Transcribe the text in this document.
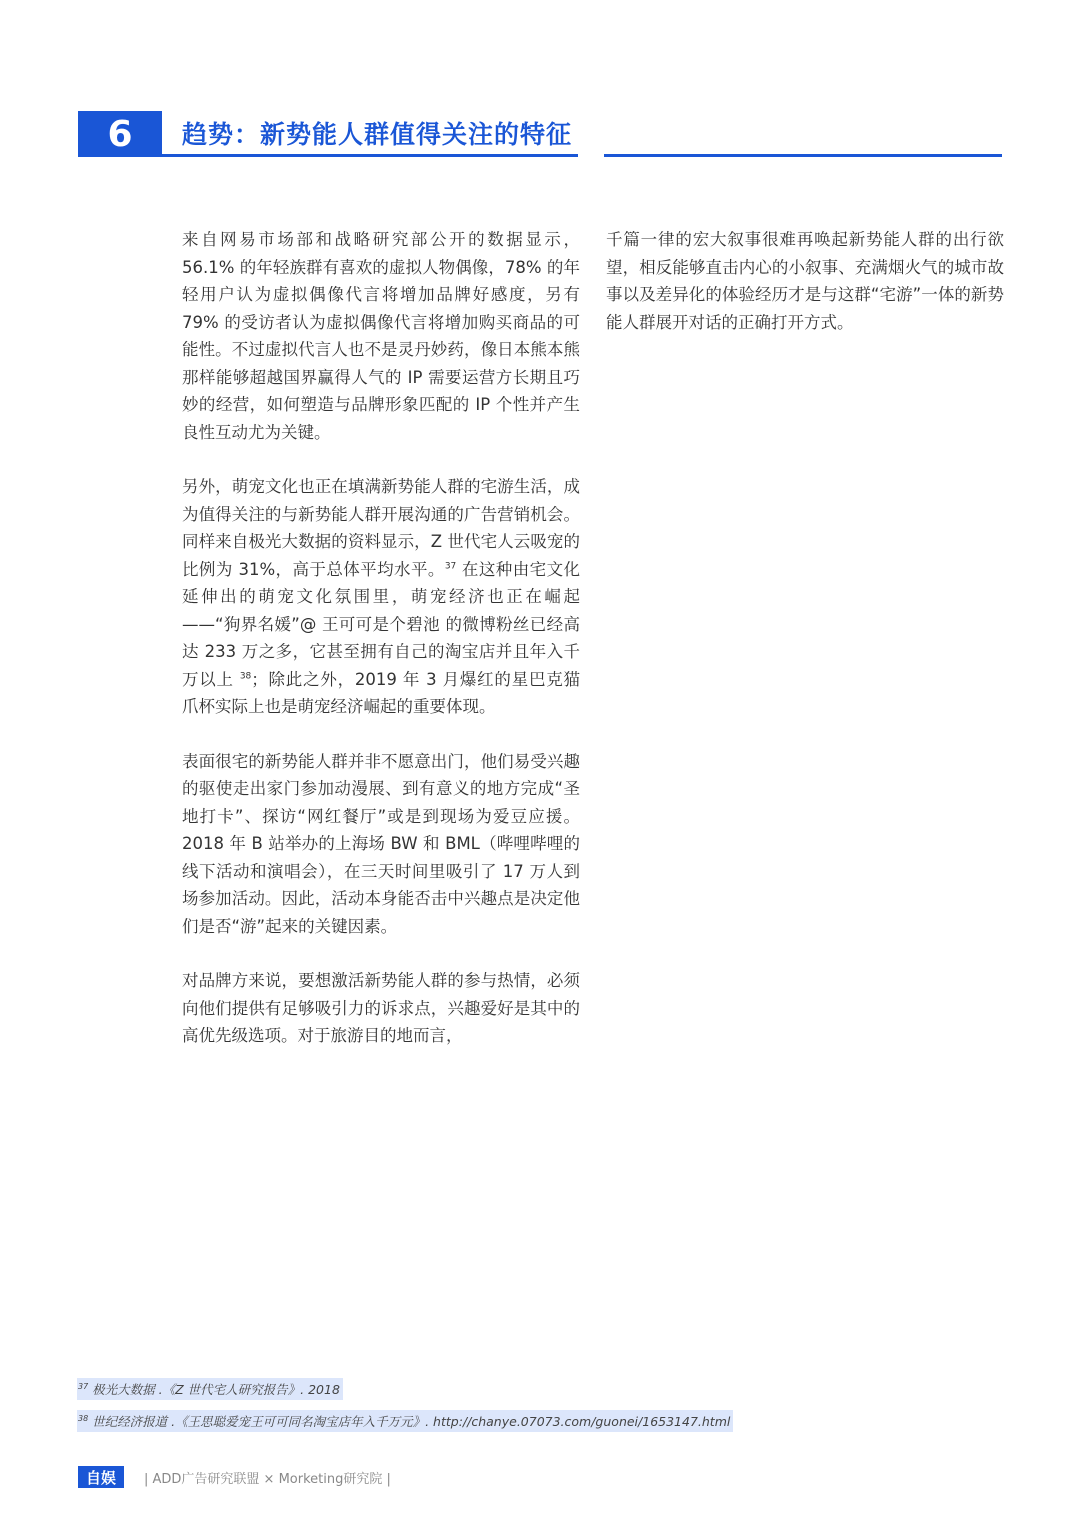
6	趋势：新势能人群值得关注的特征

来自网易市场部和战略研究部公开的数据显示，56.1% 的年轻族群有喜欢的虚拟人物偶像，78% 的年轻用户认为虚拟偶像代言将增加品牌好感度，另有 79% 的受访者认为虚拟偶像代言将增加购买商品的可能性。不过虚拟代言人也不是灵丹妙药，像日本熊本熊那样能够超越国界赢得人气的 IP 需要运营方长期且巧妙的经营，如何塑造与品牌形象匹配的 IP 个性并产生良性互动尤为关键。

另外，萌宠文化也正在填满新势能人群的宅游生活，成为值得关注的与新势能人群开展沟通的广告营销机会。同样来自极光大数据的资料显示，Z 世代宅人云吸宠的比例为 31%，高于总体平均水平。$^{37}$ 在这种由宅文化延伸出的萌宠文化氛围里，萌宠经济也正在崛起——“狗界名媛”@ 王可可是个碧池 的微博粉丝已经高达 233 万之多，它甚至拥有自己的淘宝店并且年入千万以上 $^{38}$；除此之外，2019 年 3 月爆红的星巴克猫爪杯实际上也是萌宠经济崛起的重要体现。

表面很宅的新势能人群并非不愿意出门，他们易受兴趣的驱使走出家门参加动漫展、到有意义的地方完成“圣地打卡”、探访“网红餐厅”或是到现场为爱豆应援。2018 年 B 站举办的上海场 BW 和 BML（哔哩哔哩的线下活动和演唱会），在三天时间里吸引了 17 万人到场参加活动。因此，活动本身能否击中兴趣点是决定他们是否“游”起来的关键因素。

对品牌方来说，要想激活新势能人群的参与热情，必须向他们提供有足够吸引力的诉求点，兴趣爱好是其中的高优先级选项。对于旅游目的地而言，

千篇一律的宏大叙事很难再唤起新势能人群的出行欲望，相反能够直击内心的小叙事、充满烟火气的城市故事以及差异化的体验经历才是与这群“宅游”一体的新势能人群展开对话的正确打开方式。

$^{37}$ 极光大数据 .《Z 世代宅人研究报告》. 2018
$^{38}$ 世纪经济报道 .《王思聪爱宠王可可同名淘宝店年入千万元》. http://chanye.07073.com/guonei/1653147.html
自娱	| ADD广告研究联盟 × Morketing研究院 |
